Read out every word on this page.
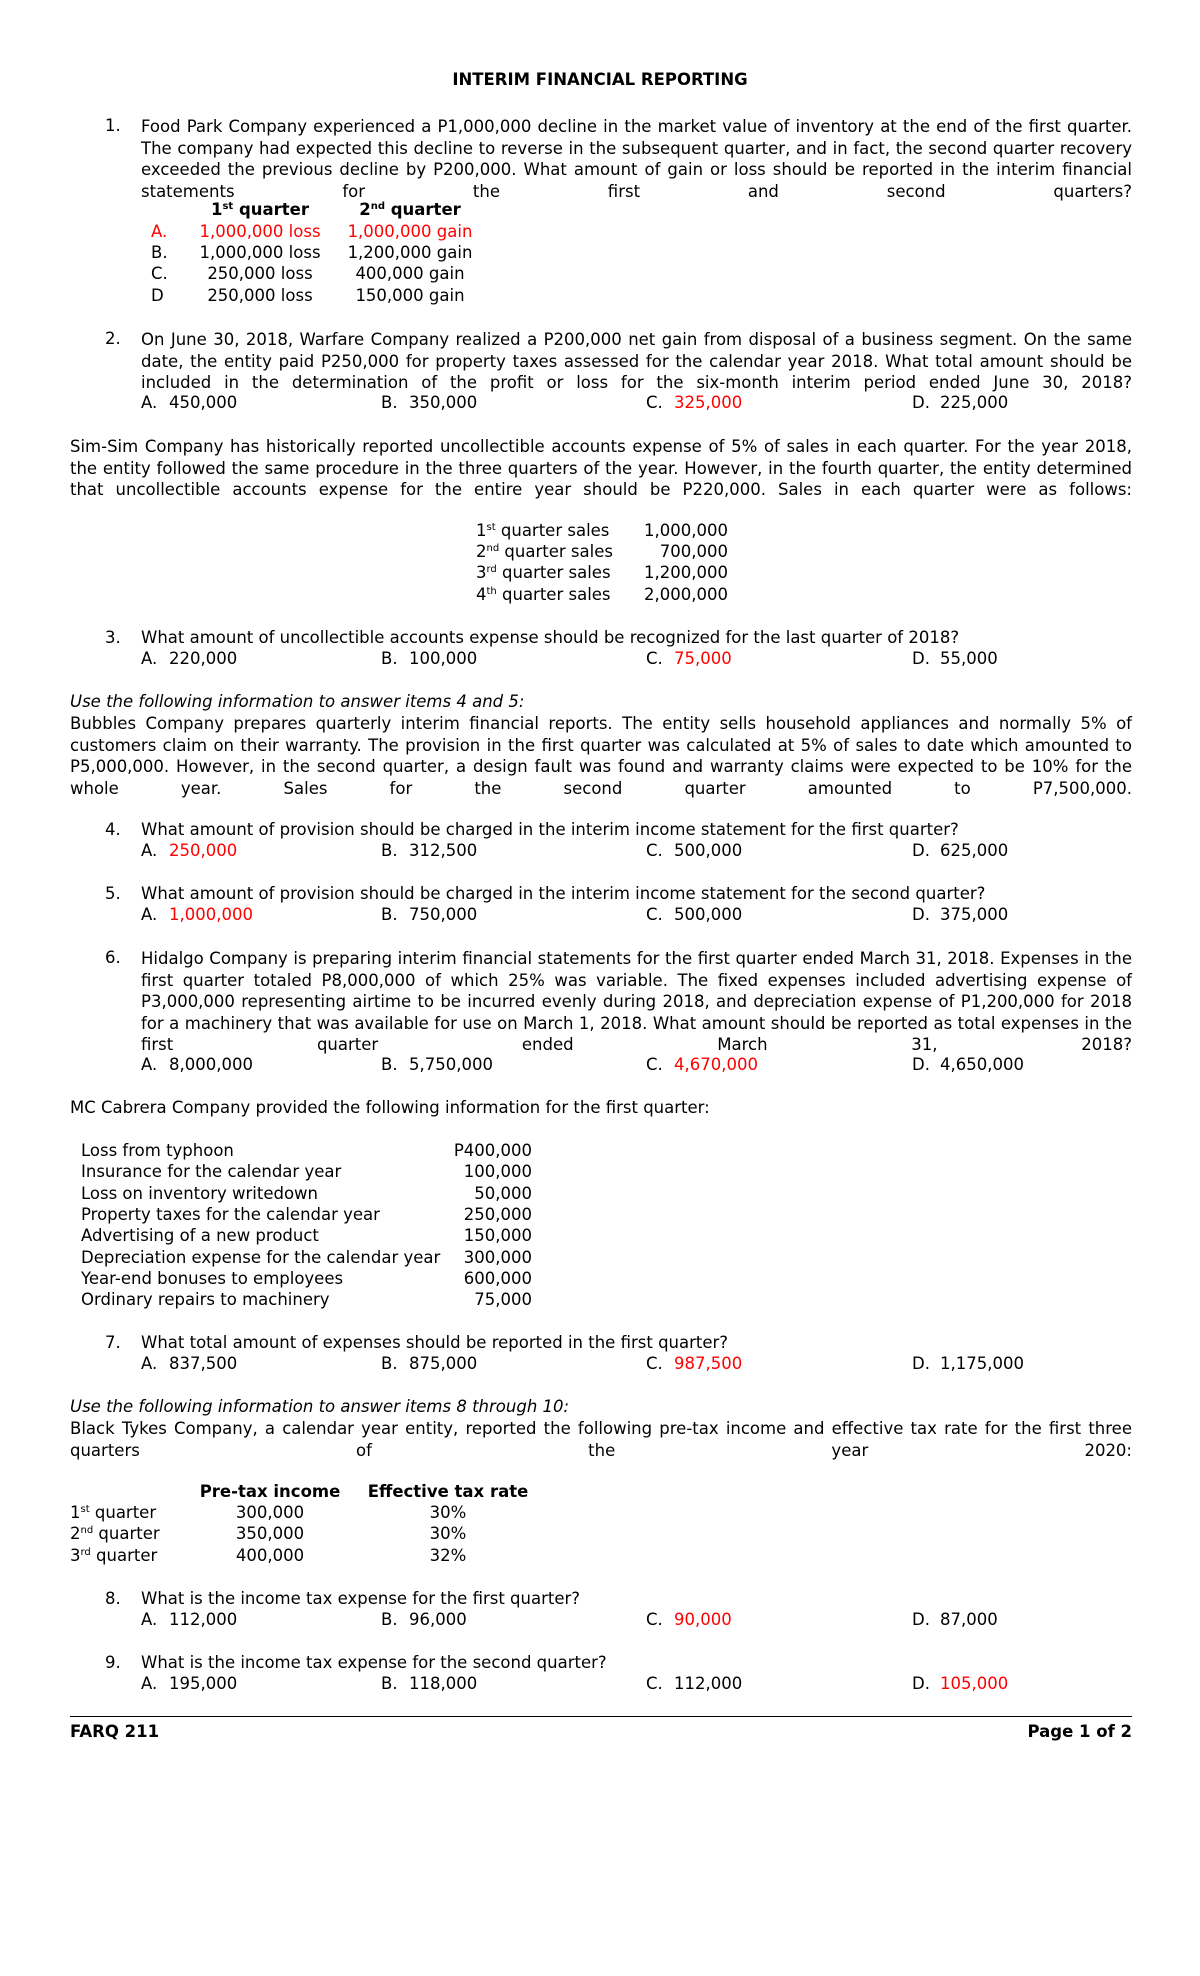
INTERIM FINANCIAL REPORTING
1. Food Park Company experienced a P1,000,000 decline in the market value of inventory at the end of the first quarter. The company had expected this decline to reverse in the subsequent quarter, and in fact, the second quarter recovery exceeded the previous decline by P200,000. What amount of gain or loss should be reported in the interim financial statements for the first and second quarters?
1st quarter	2nd quarter
A.	1,000,000 loss	1,000,000 gain
B.	1,000,000 loss	1,200,000 gain
C.	250,000 loss	400,000 gain
D	250,000 loss	150,000 gain
2. On June 30, 2018, Warfare Company realized a P200,000 net gain from disposal of a business segment. On the same date, the entity paid P250,000 for property taxes assessed for the calendar year 2018. What total amount should be included in the determination of the profit or loss for the six-month interim period ended June 30, 2018?
A. 450,000	B. 350,000	C. 325,000	D. 225,000
Sim-Sim Company has historically reported uncollectible accounts expense of 5% of sales in each quarter. For the year 2018, the entity followed the same procedure in the three quarters of the year. However, in the fourth quarter, the entity determined that uncollectible accounts expense for the entire year should be P220,000. Sales in each quarter were as follows:
1st quarter sales	1,000,000
2nd quarter sales	700,000
3rd quarter sales	1,200,000
4th quarter sales	2,000,000
3. What amount of uncollectible accounts expense should be recognized for the last quarter of 2018?
A. 220,000	B. 100,000	C. 75,000	D. 55,000
Use the following information to answer items 4 and 5:
Bubbles Company prepares quarterly interim financial reports. The entity sells household appliances and normally 5% of customers claim on their warranty. The provision in the first quarter was calculated at 5% of sales to date which amounted to P5,000,000. However, in the second quarter, a design fault was found and warranty claims were expected to be 10% for the whole year. Sales for the second quarter amounted to P7,500,000.
4. What amount of provision should be charged in the interim income statement for the first quarter?
A. 250,000	B. 312,500	C. 500,000	D. 625,000
5. What amount of provision should be charged in the interim income statement for the second quarter?
A. 1,000,000	B. 750,000	C. 500,000	D. 375,000
6. Hidalgo Company is preparing interim financial statements for the first quarter ended March 31, 2018. Expenses in the first quarter totaled P8,000,000 of which 25% was variable. The fixed expenses included advertising expense of P3,000,000 representing airtime to be incurred evenly during 2018, and depreciation expense of P1,200,000 for 2018 for a machinery that was available for use on March 1, 2018. What amount should be reported as total expenses in the first quarter ended March 31, 2018?
A. 8,000,000	B. 5,750,000	C. 4,670,000	D. 4,650,000
MC Cabrera Company provided the following information for the first quarter:
Loss from typhoon	P400,000
Insurance for the calendar year	100,000
Loss on inventory writedown	50,000
Property taxes for the calendar year	250,000
Advertising of a new product	150,000
Depreciation expense for the calendar year	300,000
Year-end bonuses to employees	600,000
Ordinary repairs to machinery	75,000
7. What total amount of expenses should be reported in the first quarter?
A. 837,500	B. 875,000	C. 987,500	D. 1,175,000
Use the following information to answer items 8 through 10:
Black Tykes Company, a calendar year entity, reported the following pre-tax income and effective tax rate for the first three quarters of the year 2020:
Pre-tax income	Effective tax rate
1st quarter	300,000	30%
2nd quarter	350,000	30%
3rd quarter	400,000	32%
8. What is the income tax expense for the first quarter?
A. 112,000	B. 96,000	C. 90,000	D. 87,000
9. What is the income tax expense for the second quarter?
A. 195,000	B. 118,000	C. 112,000	D. 105,000
FARQ 211	Page 1 of 2
